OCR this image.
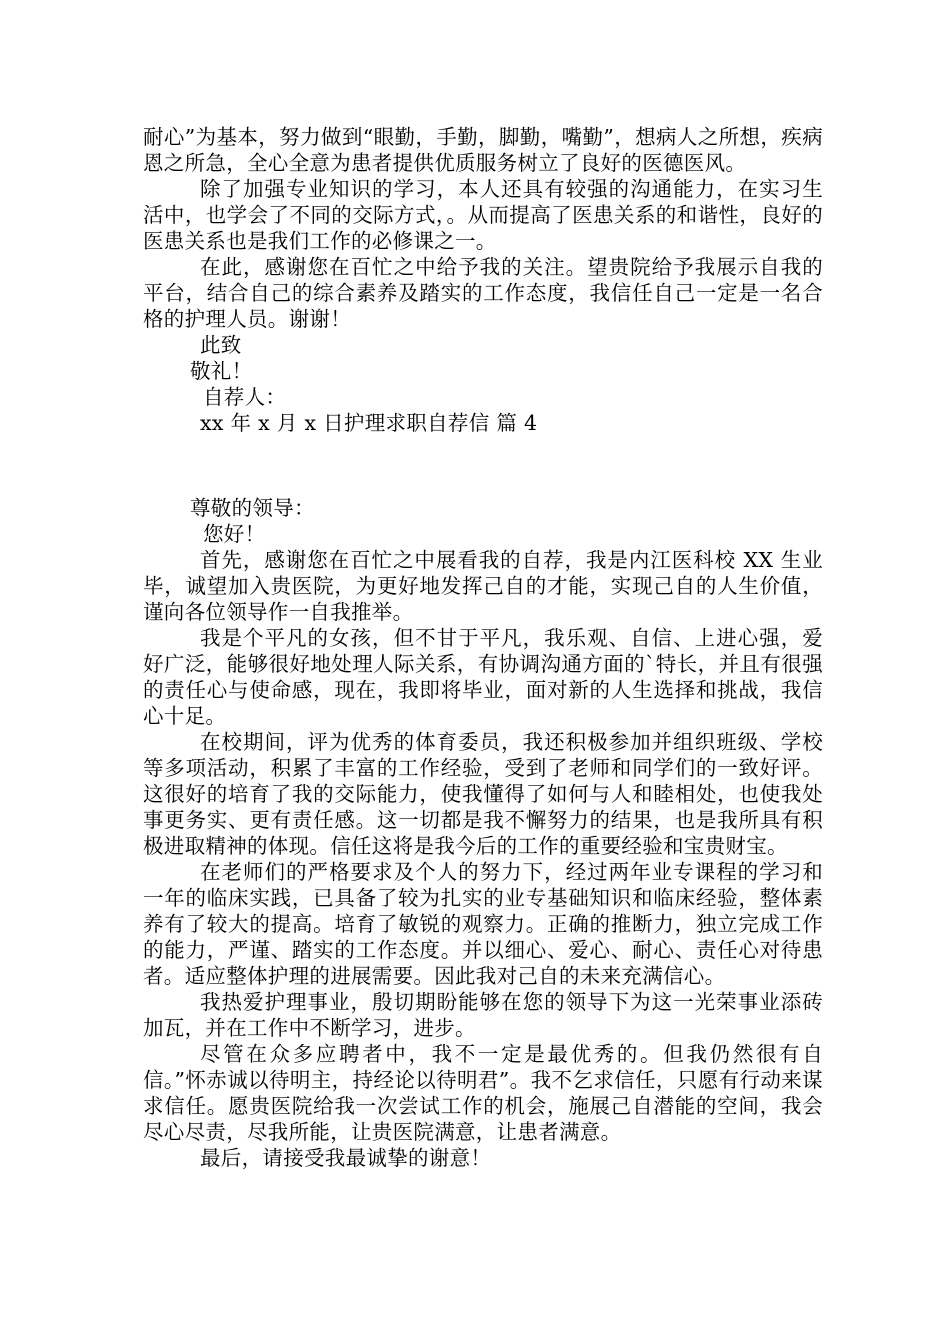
耐心”为基本，努力做到“眼勤，手勤，脚勤，嘴勤”，想病人之所想，疾病恩之所急，全心全意为患者提供优质服务树立了良好的医德医风。

除了加强专业知识的学习，本人还具有较强的沟通能力，在实习生活中，也学会了不同的交际方式，。从而提高了医患关系的和谐性，良好的医患关系也是我们工作的必修课之一。

在此，感谢您在百忙之中给予我的关注。望贵院给予我展示自我的平台，结合自己的综合素养及踏实的工作态度，我信任自己一定是一名合格的护理人员。谢谢！

此致

敬礼！

自荐人：

xx 年 x 月 x 日护理求职自荐信 篇 4

尊敬的领导：

您好！

首先，感谢您在百忙之中展看我的自荐，我是内江医科校 XX 生业毕，诚望加入贵医院，为更好地发挥己自的才能，实现己自的人生价值，谨向各位领导作一自我推举。

我是个平凡的女孩，但不甘于平凡，我乐观、自信、上进心强，爱好广泛，能够很好地处理人际关系，有协调沟通方面的`特长，并且有很强的责任心与使命感，现在，我即将毕业，面对新的人生选择和挑战，我信心十足。

在校期间，评为优秀的体育委员，我还积极参加并组织班级、学校等多项活动，积累了丰富的工作经验，受到了老师和同学们的一致好评。这很好的培育了我的交际能力，使我懂得了如何与人和睦相处，也使我处事更务实、更有责任感。这一切都是我不懈努力的结果，也是我所具有积极进取精神的体现。信任这将是我今后的工作的重要经验和宝贵财宝。

在老师们的严格要求及个人的努力下，经过两年业专课程的学习和一年的临床实践，已具备了较为扎实的业专基础知识和临床经验，整体素养有了较大的提高。培育了敏锐的观察力。正确的推断力，独立完成工作的能力，严谨、踏实的工作态度。并以细心、爱心、耐心、责任心对待患者。适应整体护理的进展需要。因此我对己自的未来充满信心。

我热爱护理事业，殷切期盼能够在您的领导下为这一光荣事业添砖加瓦，并在工作中不断学习，进步。

尽管在众多应聘者中，我不一定是最优秀的。但我仍然很有自信。”怀赤诚以待明主，持经论以待明君”。我不乞求信任，只愿有行动来谋求信任。愿贵医院给我一次尝试工作的机会，施展己自潜能的空间，我会尽心尽责，尽我所能，让贵医院满意，让患者满意。

最后，请接受我最诚挚的谢意！
